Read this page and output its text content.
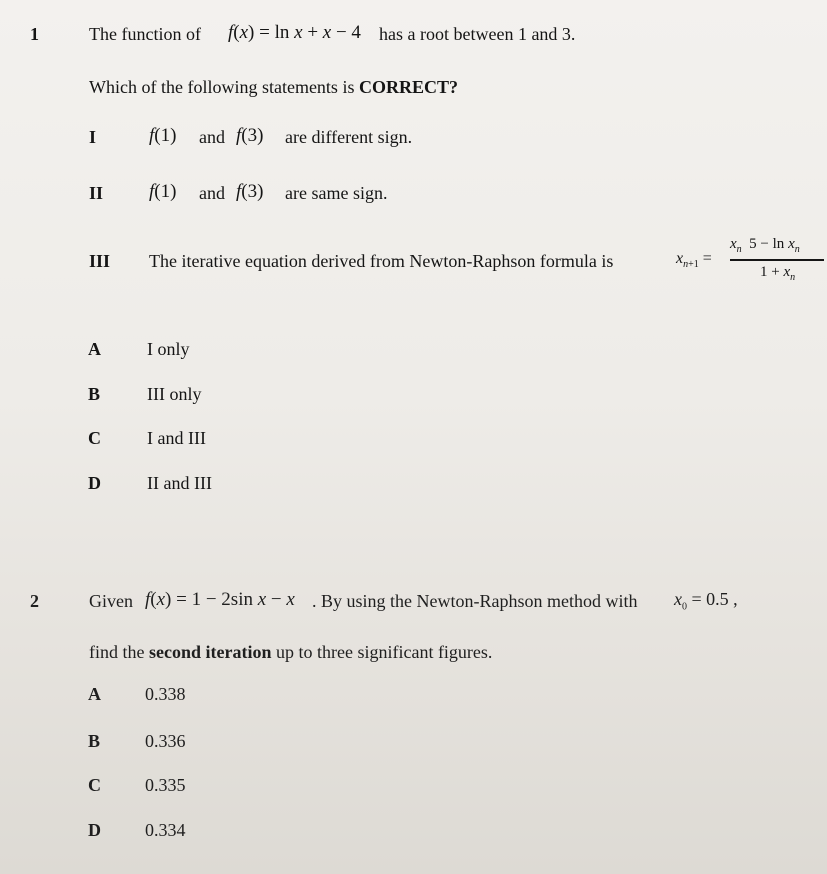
1	The function of f(x) = ln x + x − 4 has a root between 1 and 3.
Which of the following statements is CORRECT?
I	f(1) and f(3) are different sign.
II f(1) and f(3) are same sign.
III The iterative equation derived from Newton-Raphson formula is	$x_{n+1}$ =
$x_n$  $5 - \ln x_n$
$1 + x_n$
A	I only
B	III only
C	I and III
D	II and III
2	Given f(x) = 1 − 2sin x − x . By using the Newton-Raphson method with $x_0 = 0.5$ ,
find the second iteration up to three significant figures.
A 0.338
B 0.336
C 0.335
D 0.334
